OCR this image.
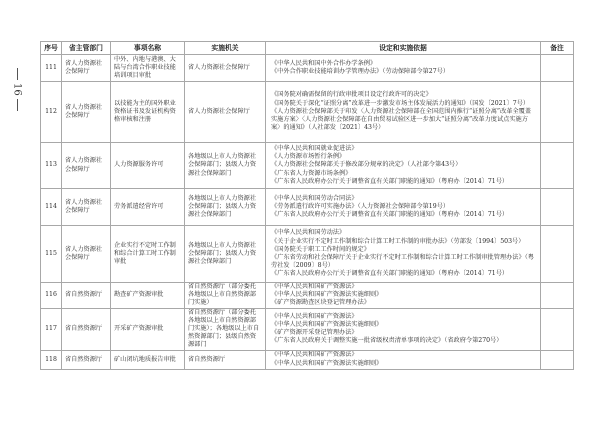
16
序号	省主管部门	事项名称	实施机关	设定和实施依据	备注
111	省人力资源社会保障厅	中外、内地与港澳、大陆与台湾合作职业技能培训项目审批	省人力资源社会保障厅	《中华人民共和国中外合作办学条例》
《中外合作职业技能培训办学管理办法》（劳动保障部令第27号）	

112	省人力资源社会保障厅	以技能为主的国外职业资格证书及发证机构资格审核和注册	省人力资源社会保障厅	《国务院对确需保留的行政审批项目设定行政许可的决定》
《国务院关于深化“证照分离”改革进一步激发市场主体发展活力的通知》（国发〔2021〕7号）
《人力资源社会保障部关于印发〈人力资源社会保障部在全国范围内推行“证照分离”改革全覆盖实施方案〉〈人力资源社会保障部在自由贸易试验区进一步加大“证照分离”改革力度试点实施方案〉的通知》（人社部发〔2021〕43号）	

113	省人力资源社会保障厅	人力资源服务许可	各地级以上市人力资源社会保障部门；县级人力资源社会保障部门	《中华人民共和国就业促进法》
《人力资源市场暂行条例》
《人力资源社会保障部关于修改部分规章的决定》（人社部令第43号）
《广东省人力资源市场条例》
《广东省人民政府办公厅关于调整省直有关部门职能的通知》（粤府办〔2014〕71号）	

114	省人力资源社会保障厅	劳务派遣经营许可	各地级以上市人力资源社会保障部门；县级人力资源社会保障部门	《中华人民共和国劳动合同法》
《劳务派遣行政许可实施办法》（人力资源社会保障部令第19号）
《广东省人民政府办公厅关于调整省直有关部门职能的通知》（粤府办〔2014〕71号）	

115	省人力资源社会保障厅	企业实行不定时工作制和综合计算工时工作制审批	各地级以上市人力资源社会保障部门；县级人力资源社会保障部门	《中华人民共和国劳动法》
《关于企业实行不定时工作制和综合计算工时工作制的审批办法》（劳部发〔1994〕503号）
《国务院关于职工工作时间的规定》
《广东省劳动和社会保障厅关于企业实行不定时工作制和综合计算工时工作制审批管理办法》（粤劳社发〔2009〕8号）
《广东省人民政府办公厅关于调整省直有关部门职能的通知》（粤府办〔2014〕71号）	

116	省自然资源厅	勘查矿产资源审批	省自然资源厅（部分委托各地级以上市自然资源部门实施）	《中华人民共和国矿产资源法》
《中华人民共和国矿产资源法实施细则》
《矿产资源勘查区块登记管理办法》	

117	省自然资源厅	开采矿产资源审批	省自然资源厅（部分委托各地级以上市自然资源部门实施）；各地级以上市自然资源部门；县级自然资源部门	《中华人民共和国矿产资源法》
《中华人民共和国矿产资源法实施细则》
《矿产资源开采登记管理办法》
《广东省人民政府关于调整实施一批省级权责清单事项的决定》（省政府令第270号）	

118	省自然资源厅	矿山闭坑地质报告审批	省自然资源厅	《中华人民共和国矿产资源法》
《中华人民共和国矿产资源法实施细则》	
